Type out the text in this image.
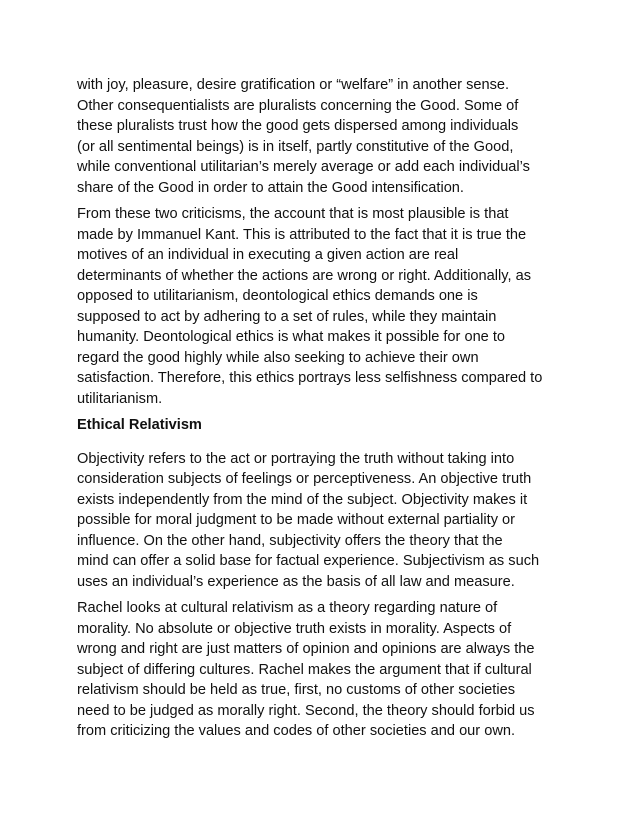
with joy, pleasure, desire gratification or “welfare” in another sense.
Other consequentialists are pluralists concerning the Good. Some of
these pluralists trust how the good gets dispersed among individuals
(or all sentimental beings) is in itself, partly constitutive of the Good,
while conventional utilitarian’s merely average or add each individual’s
share of the Good in order to attain the Good intensification.
From these two criticisms, the account that is most plausible is that
made by Immanuel Kant. This is attributed to the fact that it is true the
motives of an individual in executing a given action are real
determinants of whether the actions are wrong or right. Additionally, as
opposed to utilitarianism, deontological ethics demands one is
supposed to act by adhering to a set of rules, while they maintain
humanity. Deontological ethics is what makes it possible for one to
regard the good highly while also seeking to achieve their own
satisfaction. Therefore, this ethics portrays less selfishness compared to
utilitarianism.
Ethical Relativism
Objectivity refers to the act or portraying the truth without taking into
consideration subjects of feelings or perceptiveness. An objective truth
exists independently from the mind of the subject. Objectivity makes it
possible for moral judgment to be made without external partiality or
influence. On the other hand, subjectivity offers the theory that the
mind can offer a solid base for factual experience. Subjectivism as such
uses an individual’s experience as the basis of all law and measure.
Rachel looks at cultural relativism as a theory regarding nature of
morality. No absolute or objective truth exists in morality. Aspects of
wrong and right are just matters of opinion and opinions are always the
subject of differing cultures. Rachel makes the argument that if cultural
relativism should be held as true, first, no customs of other societies
need to be judged as morally right. Second, the theory should forbid us
from criticizing the values and codes of other societies and our own.
